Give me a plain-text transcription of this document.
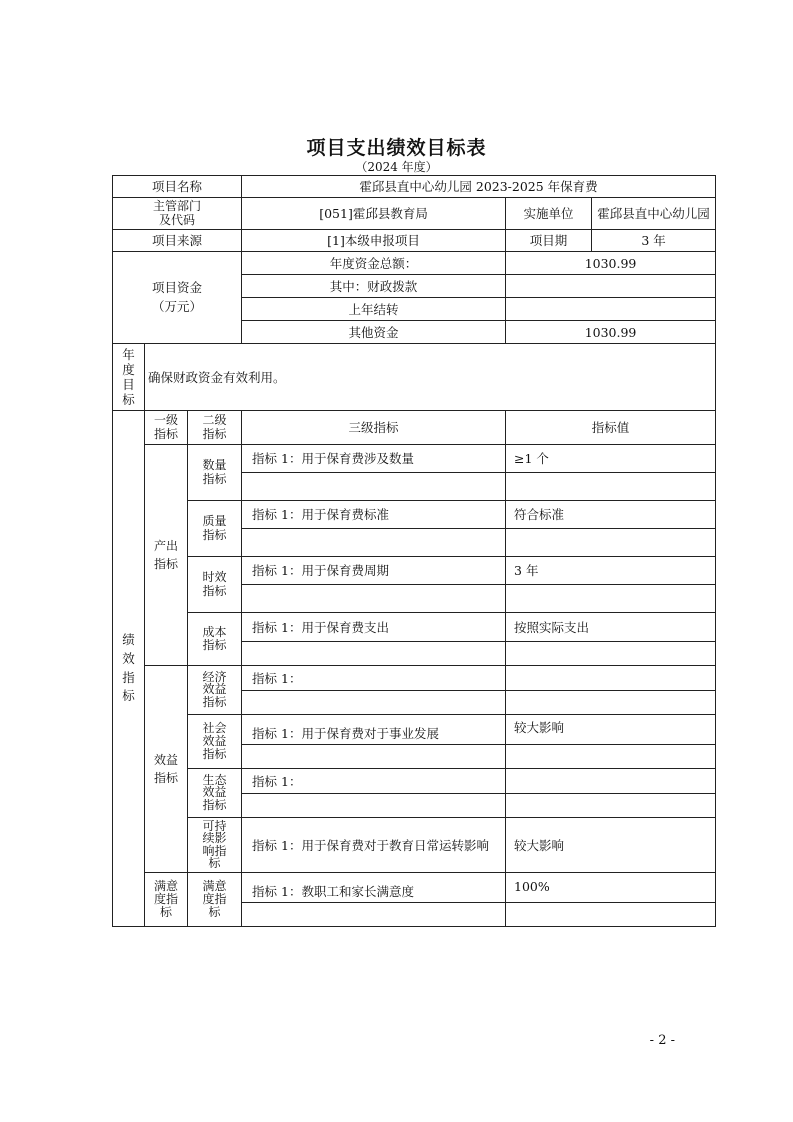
项目支出绩效目标表
（2024 年度）
项目名称			霍邱县直中心幼儿园 2023-2025 年保育费		
主管部门及代码			[051]霍邱县教育局	实施单位	霍邱县直中心幼儿园
项目来源			[1]本级申报项目	项目期	3 年
项目资金（万元）			年度资金总额：	1030.99	
			其中：财政拨款		
			上年结转		
			其他资金	1030.99	
年度目标	确保财政资金有效利用。				
绩效指标	一级指标	二级指标	三级指标	指标值	
	产出指标	数量指标	指标 1：用于保育费涉及数量	≥1 个	

		质量指标	指标 1：用于保育费标准	符合标准	

		时效指标	指标 1：用于保育费周期	3 年	

		成本指标	指标 1：用于保育费支出	按照实际支出	

	效益指标	经济效益指标	指标 1：		

		社会效益指标	指标 1：用于保育费对于事业发展	较大影响	

		生态效益指标	指标 1：		

		可持续影响指标	指标 1：用于保育费对于教育日常运转影响	较大影响	
	满意度指标	满意度指标	指标 1：教职工和家长满意度	100%	

- 2 -
